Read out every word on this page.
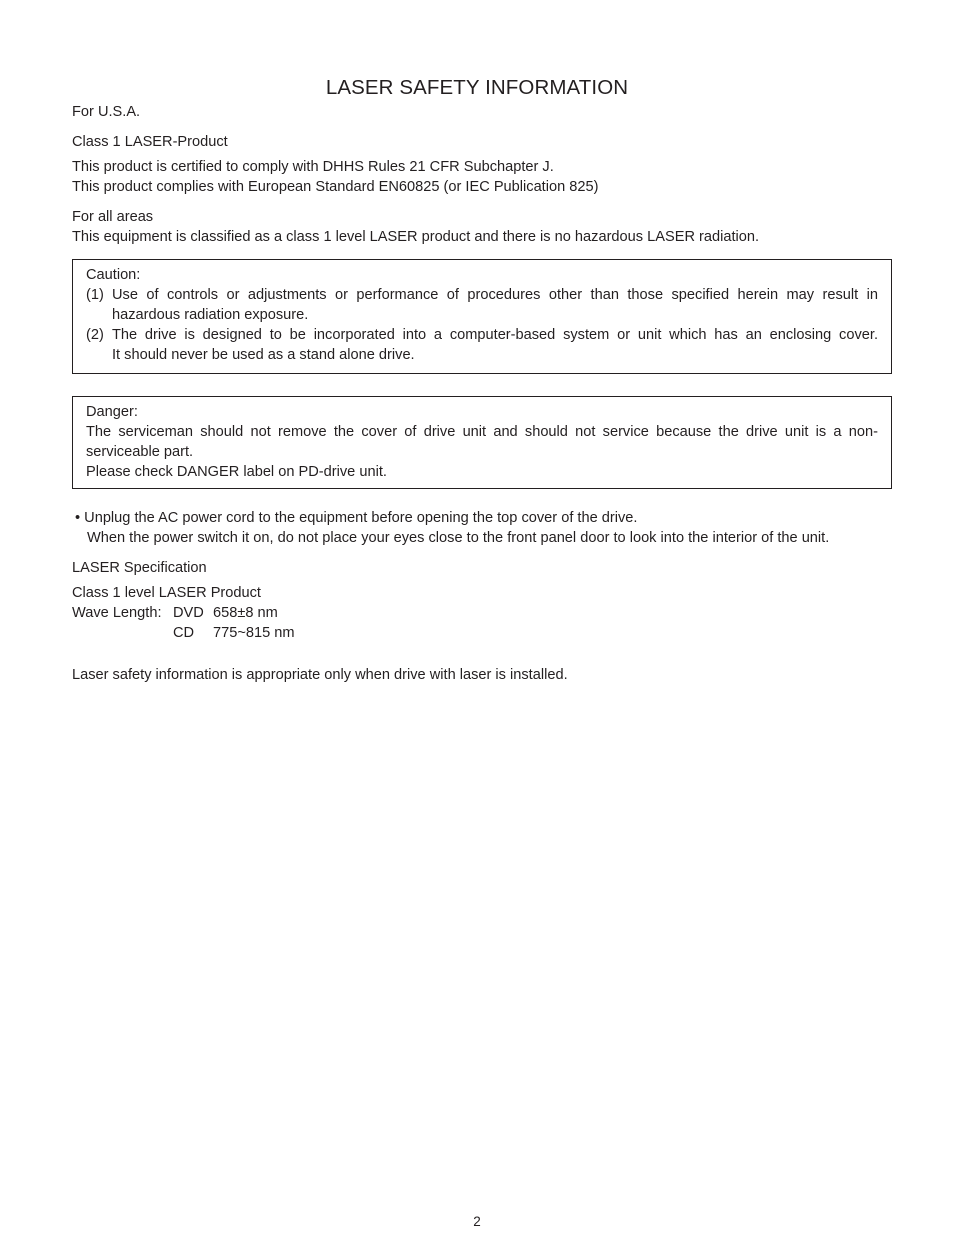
LASER SAFETY INFORMATION
For U.S.A.
Class 1 LASER-Product
This product is certified to comply with DHHS Rules 21 CFR Subchapter J.
This product complies with European Standard EN60825 (or IEC Publication 825)
For all areas
This equipment is classified as a class 1 level LASER product and there is no hazardous LASER radiation.
Caution:
(1) Use of controls or adjustments or performance of procedures other than those specified herein may result in
hazardous radiation exposure.
(2) The drive is designed to be incorporated into a computer-based system or unit which has an enclosing cover.
It should never be used as a stand alone drive.
Danger:
The serviceman should not remove the cover of drive unit and should not service because the drive unit is a non-
serviceable part.
Please check DANGER label on PD-drive unit.
• Unplug the AC power cord to the equipment before opening the top cover of the drive.
When the power switch it on, do not place your eyes close to the front panel door to look into the interior of the unit.
LASER Specification
Class 1 level LASER Product
Wave Length: DVD 658±8 nm
CD 775~815 nm
Laser safety information is appropriate only when drive with laser is installed.
2
